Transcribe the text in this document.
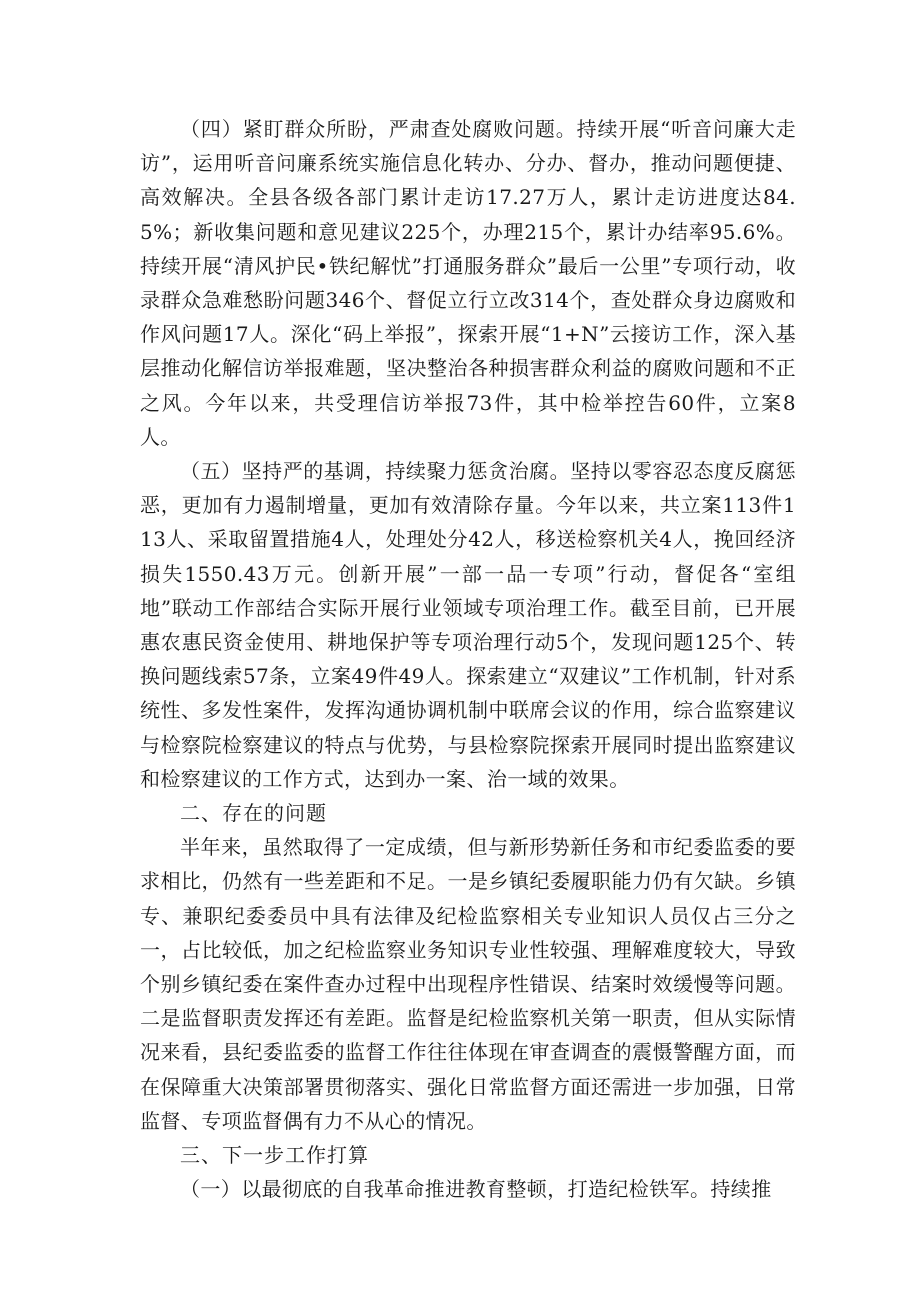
（四）紧盯群众所盼，严肃查处腐败问题。持续开展“听音问廉大走访”，运用听音问廉系统实施信息化转办、分办、督办，推动问题便捷、高效解决。全县各级各部门累计走访17.27万人，累计走访进度达84.5%；新收集问题和意见建议225个，办理215个，累计办结率95.6%。持续开展“清风护民•铁纪解忧”打通服务群众”最后一公里”专项行动，收录群众急难愁盼问题346个、督促立行立改314个，查处群众身边腐败和作风问题17人。深化“码上举报”，探索开展“1+N”云接访工作，深入基层推动化解信访举报难题，坚决整治各种损害群众利益的腐败问题和不正之风。今年以来，共受理信访举报73件，其中检举控告60件，立案8人。

（五）坚持严的基调，持续聚力惩贪治腐。坚持以零容忍态度反腐惩恶，更加有力遏制增量，更加有效清除存量。今年以来，共立案113件113人、采取留置措施4人，处理处分42人，移送检察机关4人，挽回经济损失1550.43万元。创新开展”一部一品一专项”行动，督促各“室组地”联动工作部结合实际开展行业领域专项治理工作。截至目前，已开展惠农惠民资金使用、耕地保护等专项治理行动5个，发现问题125个、转换问题线索57条，立案49件49人。探索建立“双建议”工作机制，针对系统性、多发性案件，发挥沟通协调机制中联席会议的作用，综合监察建议与检察院检察建议的特点与优势，与县检察院探索开展同时提出监察建议和检察建议的工作方式，达到办一案、治一域的效果。

二、存在的问题

半年来，虽然取得了一定成绩，但与新形势新任务和市纪委监委的要求相比，仍然有一些差距和不足。一是乡镇纪委履职能力仍有欠缺。乡镇专、兼职纪委委员中具有法律及纪检监察相关专业知识人员仅占三分之一，占比较低，加之纪检监察业务知识专业性较强、理解难度较大，导致个别乡镇纪委在案件查办过程中出现程序性错误、结案时效缓慢等问题。二是监督职责发挥还有差距。监督是纪检监察机关第一职责，但从实际情况来看，县纪委监委的监督工作往往体现在审查调查的震慑警醒方面，而在保障重大决策部署贯彻落实、强化日常监督方面还需进一步加强，日常监督、专项监督偶有力不从心的情况。

三、下一步工作打算

（一）以最彻底的自我革命推进教育整顿，打造纪检铁军。持续推
